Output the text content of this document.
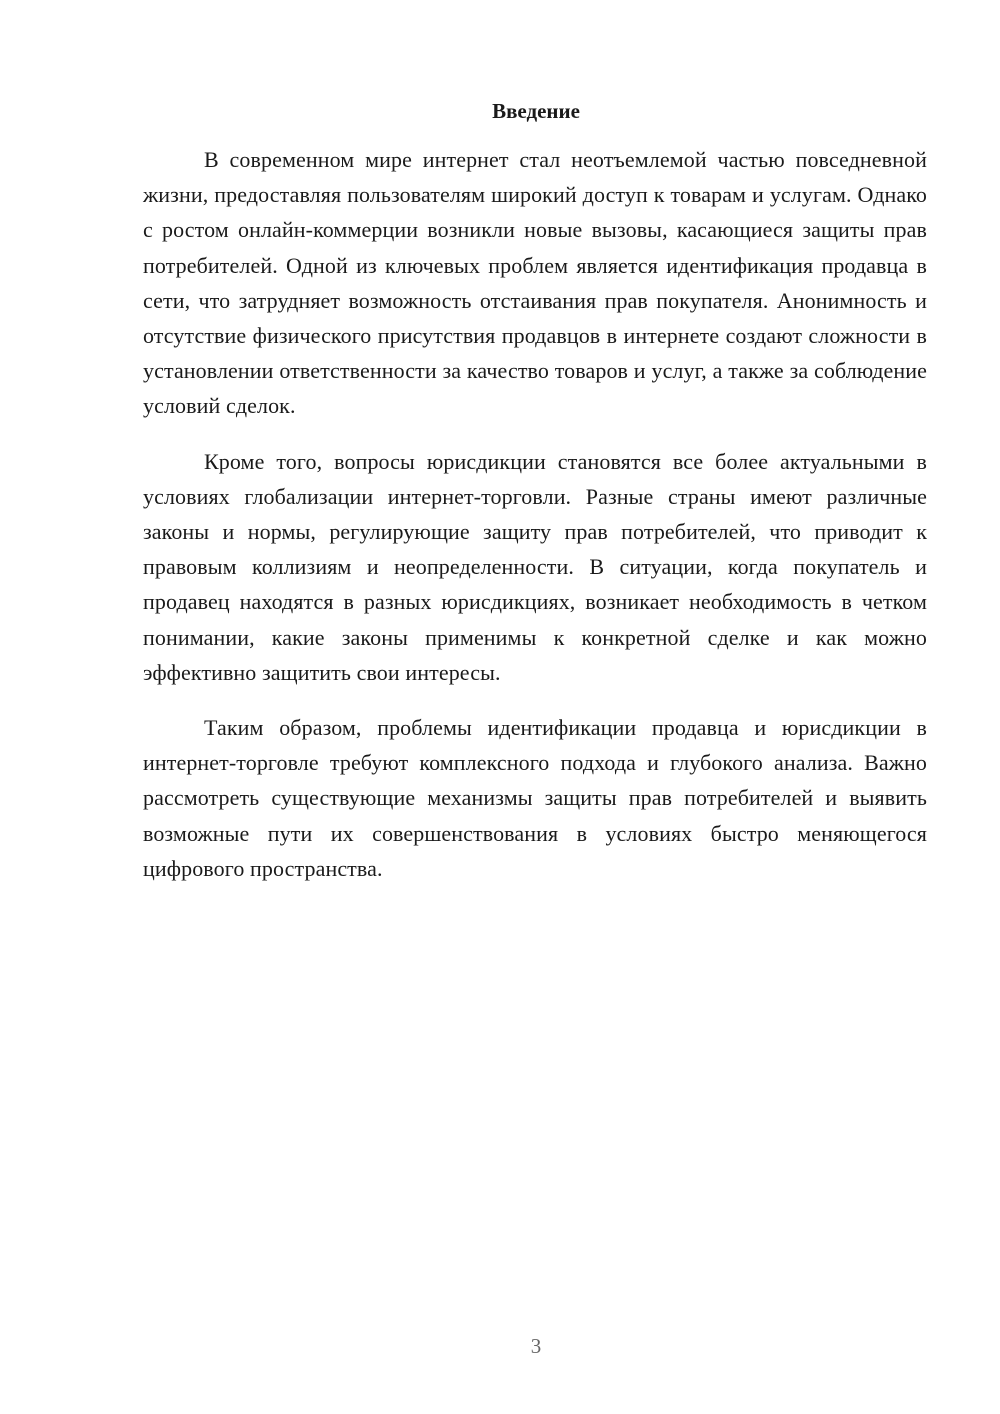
Введение

В современном мире интернет стал неотъемлемой частью повседневной жизни, предоставляя пользователям широкий доступ к товарам и услугам. Однако с ростом онлайн-коммерции возникли новые вызовы, касающиеся защиты прав потребителей. Одной из ключевых проблем является идентификация продавца в сети, что затрудняет возможность отстаивания прав покупателя. Анонимность и отсутствие физического присутствия продавцов в интернете создают сложности в установлении ответственности за качество товаров и услуг, а также за соблюдение условий сделок.

Кроме того, вопросы юрисдикции становятся все более актуальными в условиях глобализации интернет-торговли. Разные страны имеют различные законы и нормы, регулирующие защиту прав потребителей, что приводит к правовым коллизиям и неопределенности. В ситуации, когда покупатель и продавец находятся в разных юрисдикциях, возникает необходимость в четком понимании, какие законы применимы к конкретной сделке и как можно эффективно защитить свои интересы.

Таким образом, проблемы идентификации продавца и юрисдикции в интернет-торговле требуют комплексного подхода и глубокого анализа. Важно рассмотреть существующие механизмы защиты прав потребителей и выявить возможные пути их совершенствования в условиях быстро меняющегося цифрового пространства.

3
